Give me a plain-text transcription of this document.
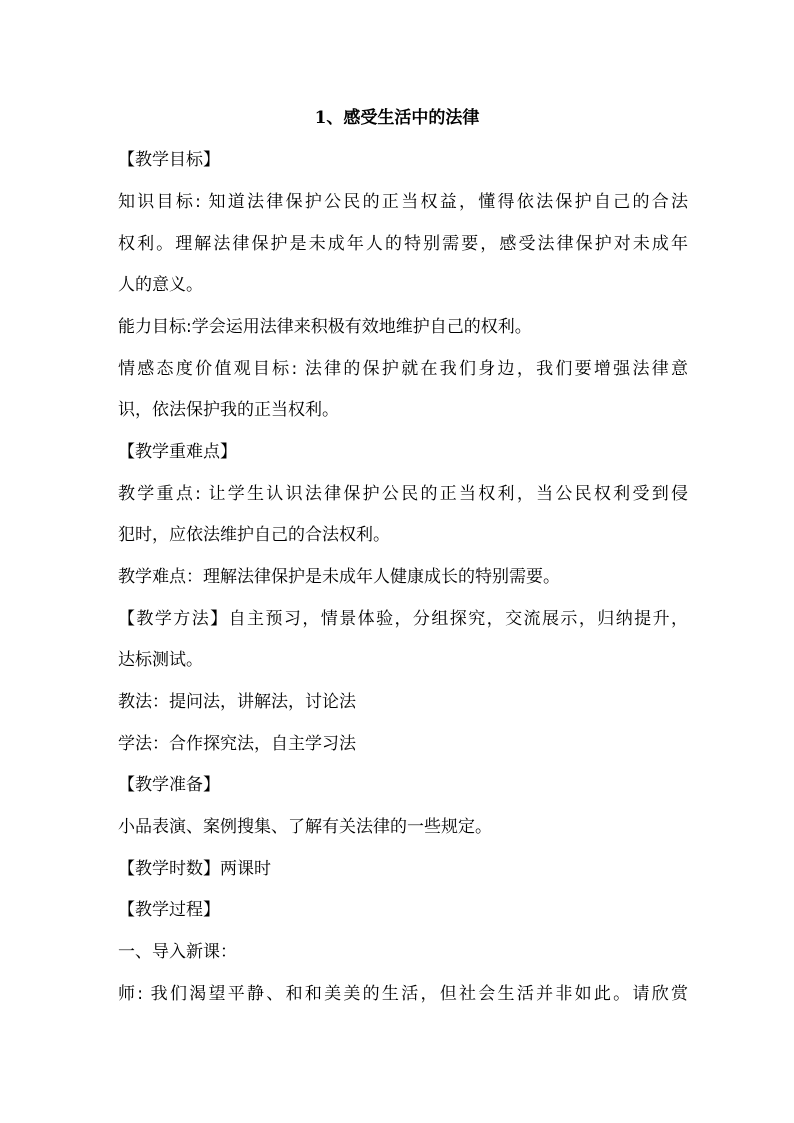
1、感受生活中的法律
【教学目标】
知识目标: 知道法律保护公民的正当权益，懂得依法保护自己的合法
权利。理解法律保护是未成年人的特别需要，感受法律保护对未成年
人的意义。
能力目标:学会运用法律来积极有效地维护自己的权利。
情感态度价值观目标: 法律的保护就在我们身边，我们要增强法律意
识，依法保护我的正当权利。
【教学重难点】
教学重点: 让学生认识法律保护公民的正当权利，当公民权利受到侵
犯时，应依法维护自己的合法权利。
教学难点：理解法律保护是未成年人健康成长的特别需要。
【教学方法】自主预习，情景体验，分组探究，交流展示，归纳提升，
达标测试。
教法：提问法，讲解法，讨论法
学法：合作探究法，自主学习法
【教学准备】
小品表演、案例搜集、了解有关法律的一些规定。
【教学时数】两课时
【教学过程】
一、导入新课：
师: 我们渴望平静、和和美美的生活，但社会生活并非如此。请欣赏
